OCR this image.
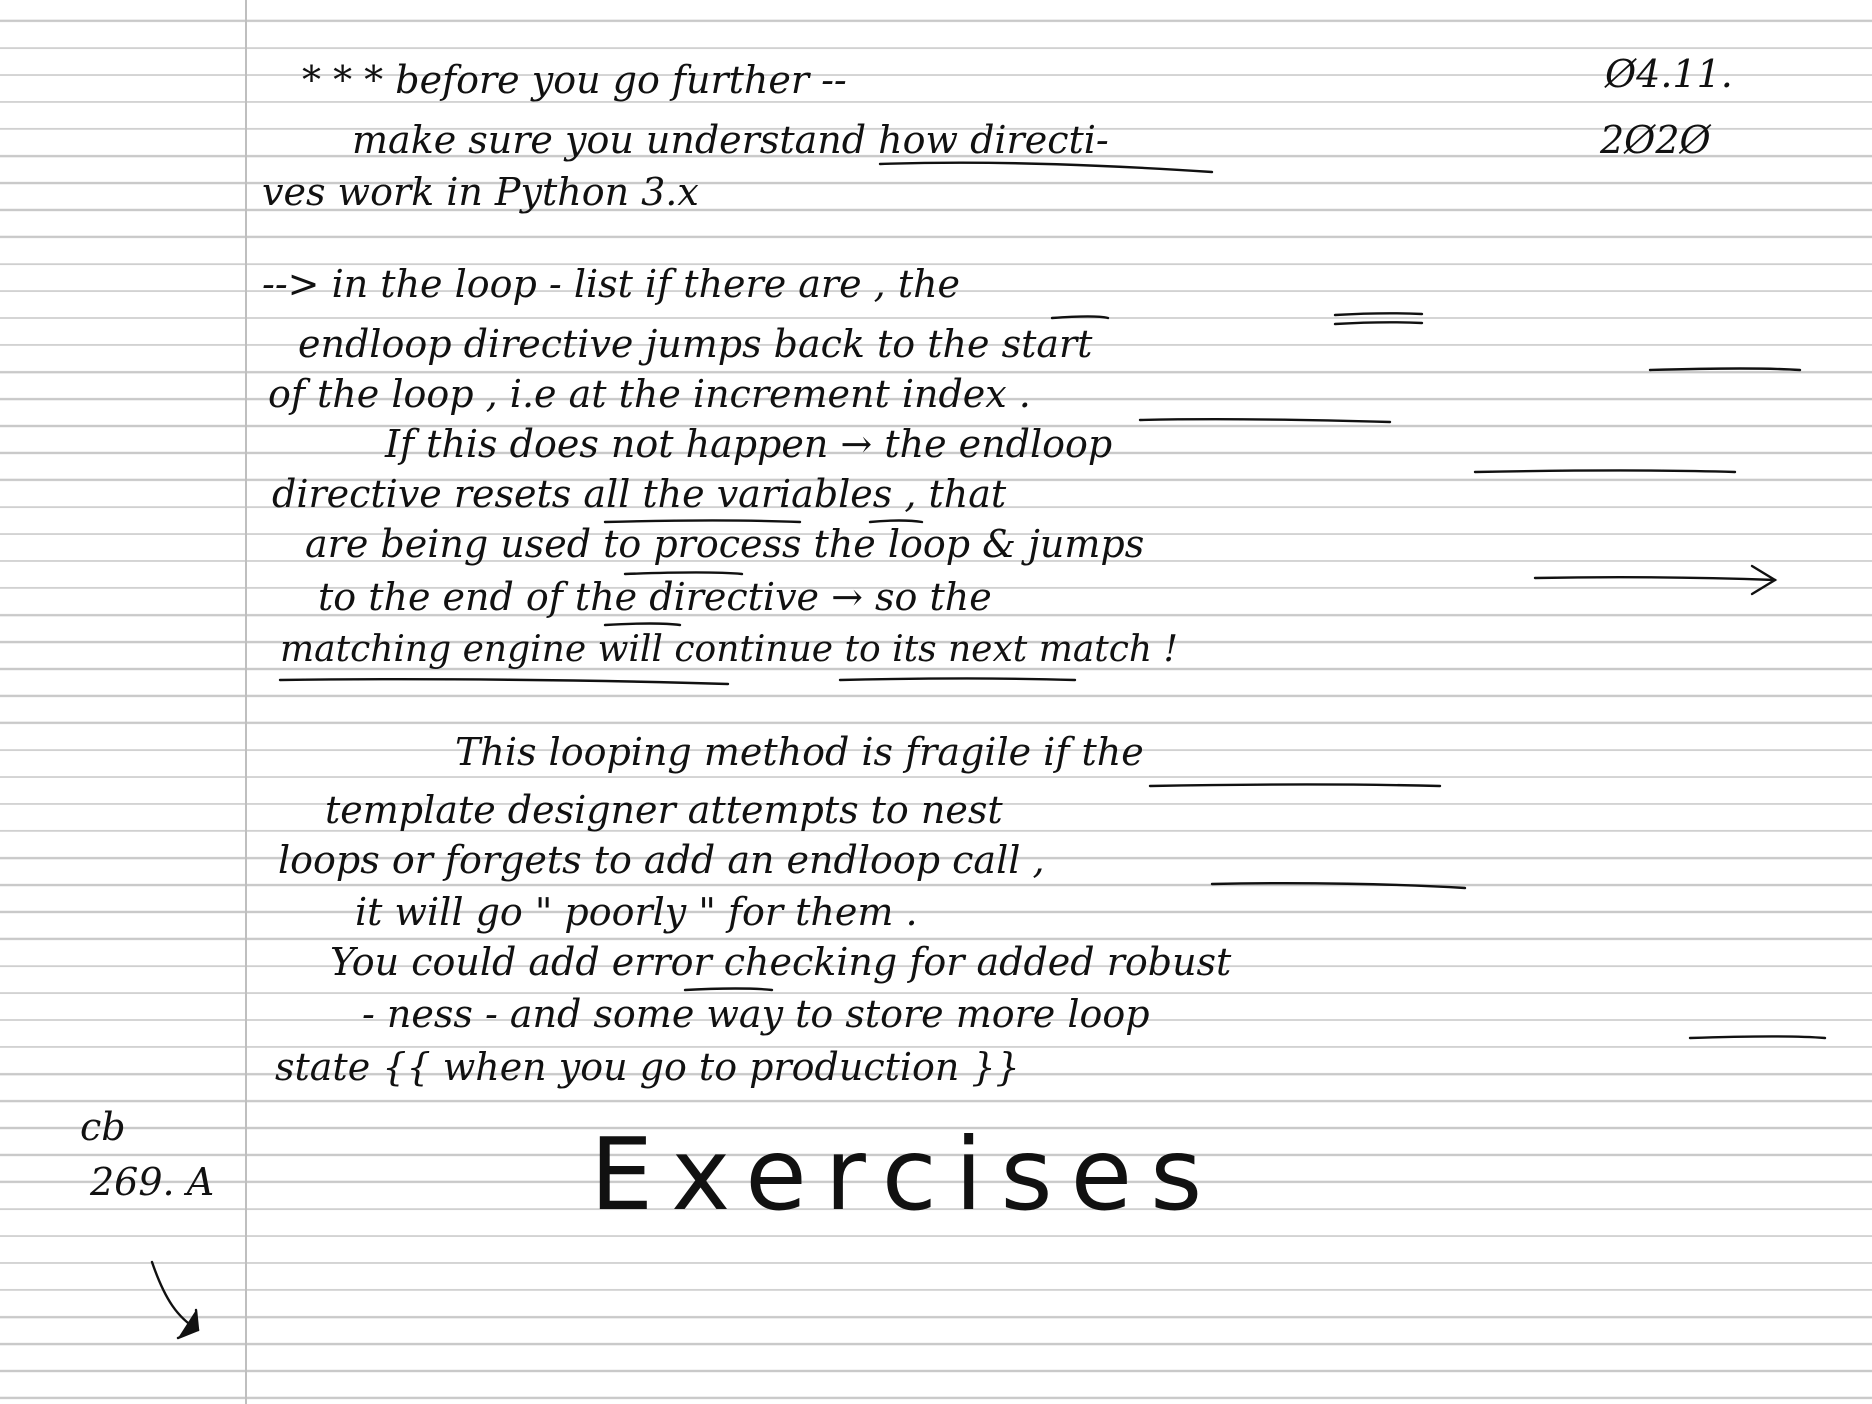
Ø4.11.
2Ø2Ø
* * * before you go further --
make sure you understand how directi-
ves work in Python 3.x
--> in the loop - list if there are , the
endloop directive jumps back to the start
of the loop , i.e at the increment index .
If this does not happen → the endloop
directive resets all the variables , that
are being used to process the loop & jumps
to the end of the directive → so the
matching engine will continue to its next match !
This looping method is fragile if the
template designer attempts to nest
loops or forgets to add an endloop call ,
it will go " poorly " for them .
You could add error checking for added robust
- ness - and some way to store more loop
state {{ when you go to production }}
cb
269. A	Exercises
